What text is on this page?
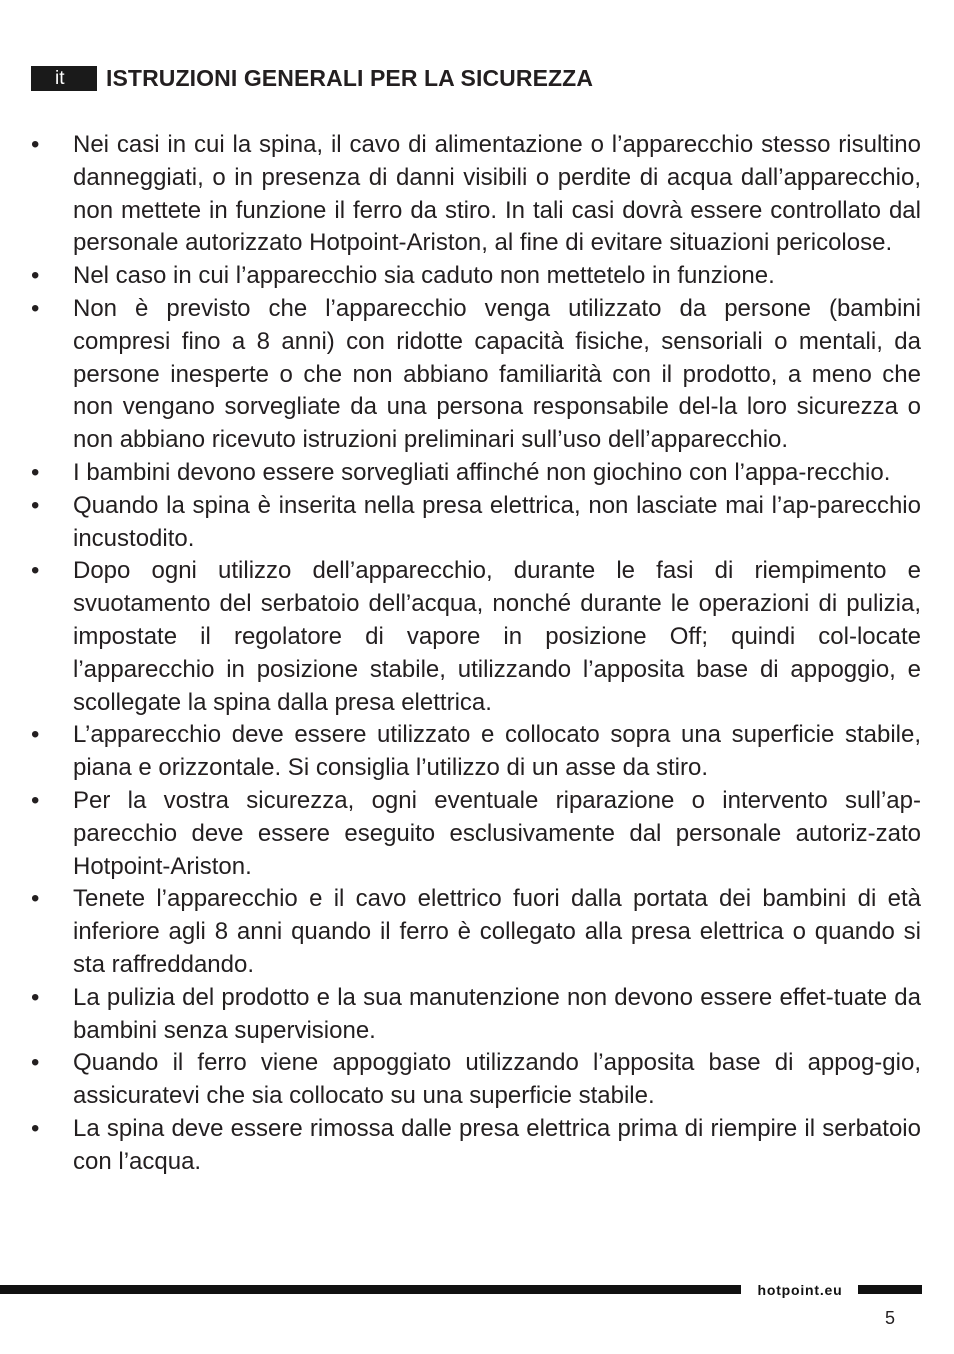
it	ISTRUZIONI GENERALI PER LA SICUREZZA
•	Nei casi in cui la spina, il cavo di alimentazione o l’apparecchio stesso risultino danneggiati, o in presenza di danni visibili o perdite di acqua dall’apparecchio, non mettete in funzione il ferro da stiro. In tali casi dovrà essere controllato dal personale autorizzato Hotpoint-Ariston, al fine di evitare situazioni pericolose.
•	Nel caso in cui l’apparecchio sia caduto non mettetelo in funzione.
•	Non è previsto che l’apparecchio venga utilizzato da persone (bambini compresi fino a 8 anni) con ridotte capacità fisiche, sensoriali o mentali, da persone inesperte o che non abbiano familiarità con il prodotto, a meno che non vengano sorvegliate da una persona responsabile del-la loro sicurezza o non abbiano ricevuto istruzioni preliminari sull’uso dell’apparecchio.
•	I bambini devono essere sorvegliati affinché non giochino con l’appa-recchio.
•	Quando la spina è inserita nella presa elettrica, non lasciate mai l’ap-parecchio incustodito.
•	Dopo ogni utilizzo dell’apparecchio, durante le fasi di riempimento e svuotamento del serbatoio dell’acqua, nonché durante le operazioni di pulizia, impostate il regolatore di vapore in posizione Off; quindi col-locate l’apparecchio in posizione stabile, utilizzando l’apposita base di appoggio, e scollegate la spina dalla presa elettrica.
•	L’apparecchio deve essere utilizzato e collocato sopra una superficie stabile, piana e orizzontale. Si consiglia l’utilizzo di un asse da stiro.
•	Per la vostra sicurezza, ogni eventuale riparazione o intervento sull’ap-parecchio deve essere eseguito esclusivamente dal personale autoriz-zato Hotpoint-Ariston.
•	Tenete l’apparecchio e il cavo elettrico fuori dalla portata dei bambini di età inferiore agli 8 anni quando il ferro è collegato alla presa elettrica o quando si sta raffreddando.
•	La pulizia del prodotto e la sua manutenzione non devono essere effet-tuate da bambini senza supervisione.
•	Quando il ferro viene appoggiato utilizzando l’apposita base di appog-gio, assicuratevi che sia collocato su una superficie stabile.
•	La spina deve essere rimossa dalle presa elettrica prima di riempire il serbatoio con l’acqua.
hotpoint.eu
5
